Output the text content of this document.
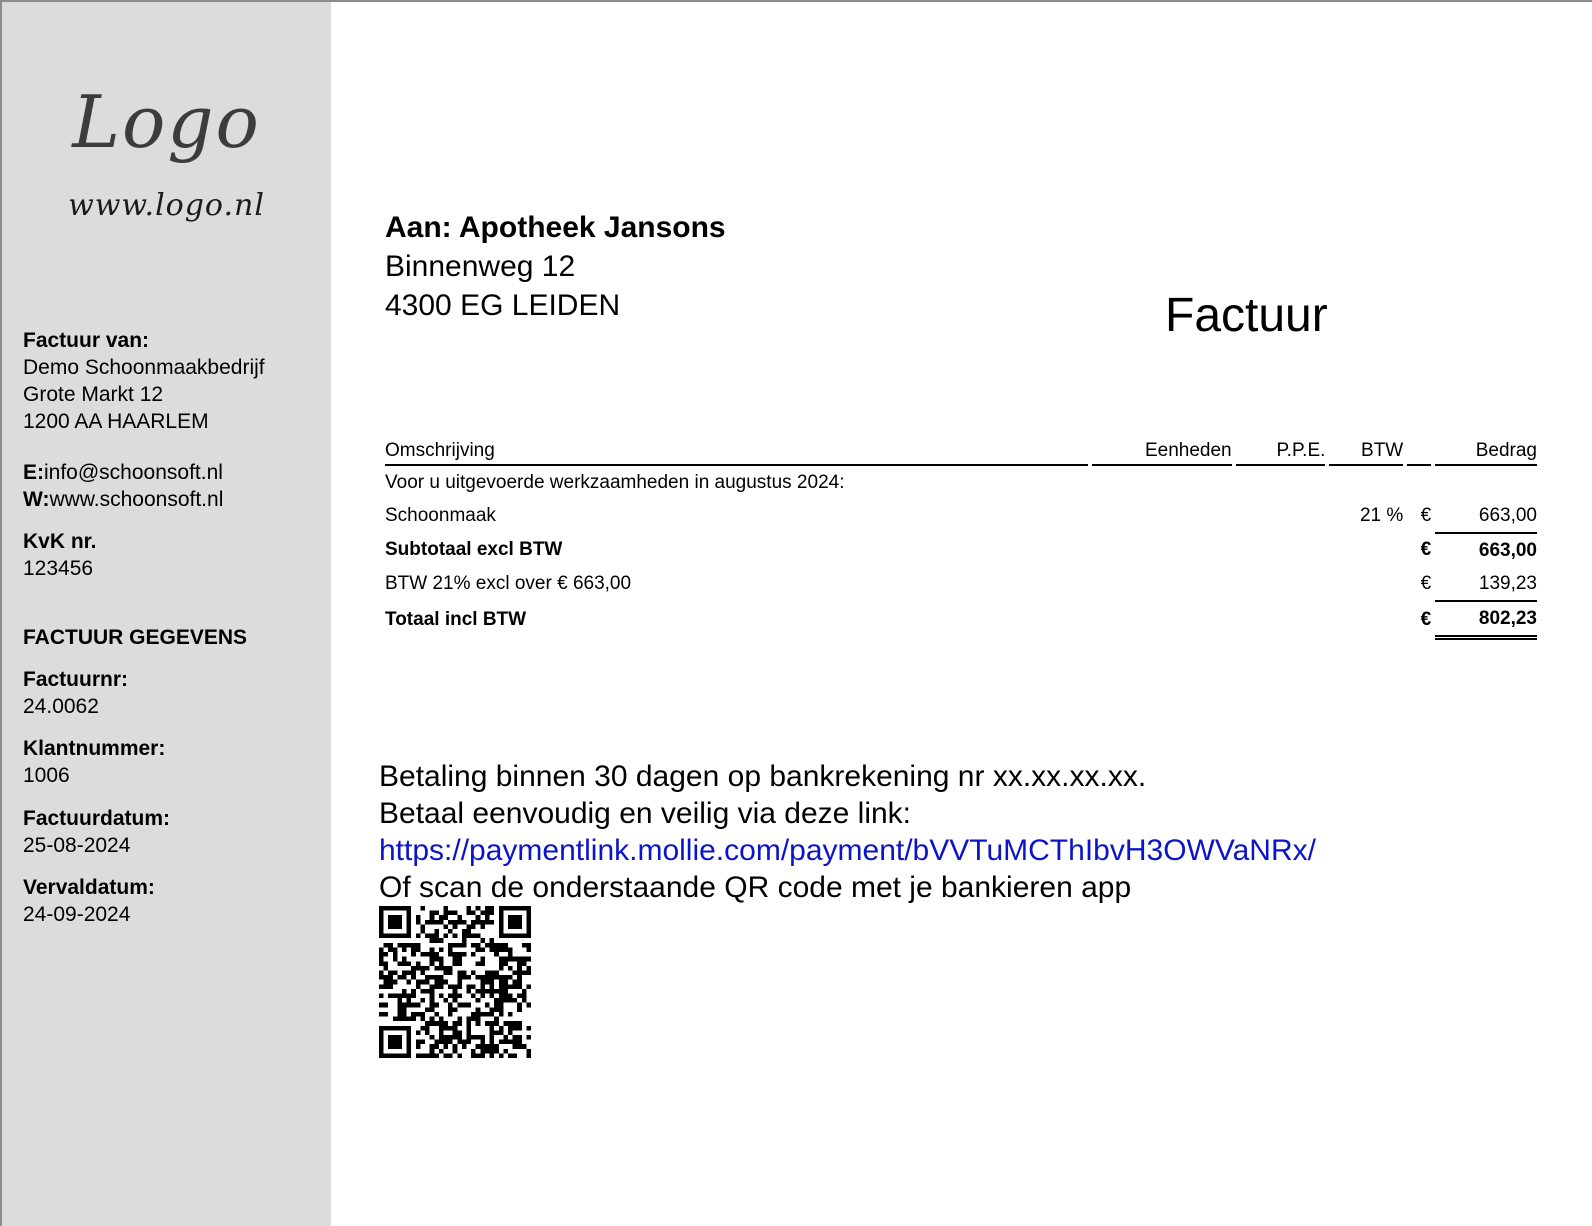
Logo
www.logo.nl
Factuur van:
Demo Schoonmaakbedrijf
Grote Markt 12
1200 AA HAARLEM
E:info@schoonsoft.nl
W:www.schoonsoft.nl
KvK nr.
123456
FACTUUR GEGEVENS
Factuurnr:
24.0062
Klantnummer:
1006
Factuurdatum:
25-08-2024
Vervaldatum:
24-09-2024
Aan: Apotheek Jansons
Binnenweg 12
4300 EG LEIDEN	Factuur
Omschrijving	Eenheden	P.P.E.	BTW		Bedrag
Voor u uitgevoerde werkzaamheden in augustus 2024:					
Schoonmaak			21 %	€	663,00
Subtotaal excl BTW				€	663,00
BTW 21% excl over € 663,00				€	139,23
Totaal incl BTW				€	802,23
Betaling binnen 30 dagen op bankrekening nr xx.xx.xx.xx.
Betaal eenvoudig en veilig via deze link:
https://paymentlink.mollie.com/payment/bVVTuMCThIbvH3OWVaNRx/
Of scan de onderstaande QR code met je bankieren app
